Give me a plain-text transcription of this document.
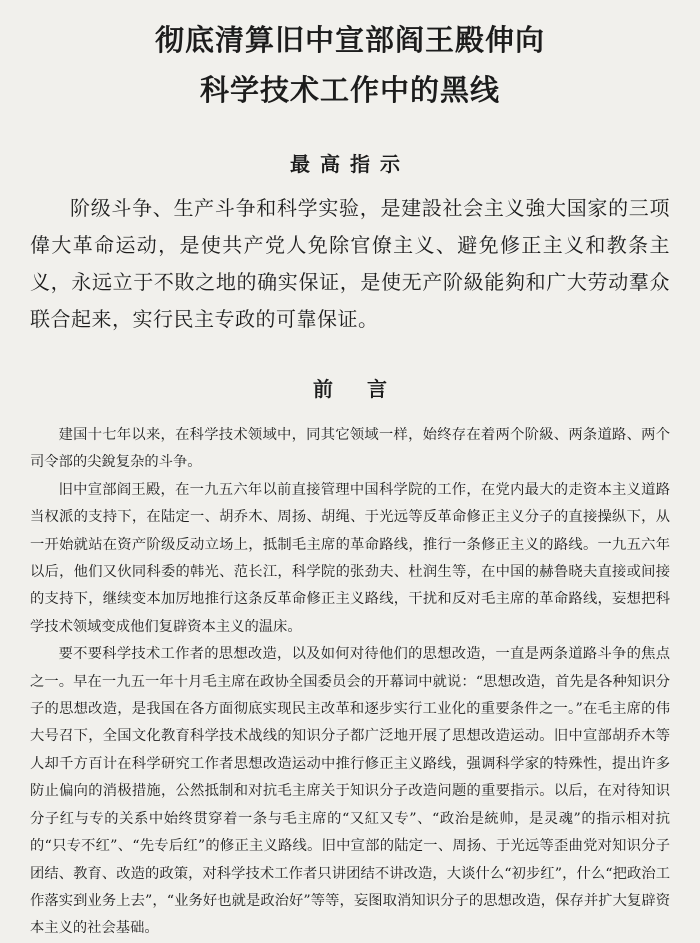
彻底清算旧中宣部阎王殿伸向
科学技术工作中的黑线
最高指示
阶级斗争、生产斗争和科学实验，是建設社会主义強大国家的三项偉大革命运动，是使共产党人免除官僚主义、避免修正主义和教条主义，永远立于不敗之地的确实保证，是使无产阶級能夠和广大劳动羣众联合起来，实行民主专政的可靠保证。
前言

建国十七年以来，在科学技术领域中，同其它领域一样，始终存在着两个阶級、两条道路、两个司令部的尖銳复杂的斗争。

旧中宣部阎王殿，在一九五六年以前直接管理中国科学院的工作，在党内最大的走资本主义道路当权派的支持下，在陆定一、胡乔木、周扬、胡绳、于光远等反革命修正主义分子的直接操纵下，从一开始就站在资产阶级反动立场上，抵制毛主席的革命路线，推行一条修正主义的路线。一九五六年以后，他们又伙同科委的韩光、范长江，科学院的张劲夫、杜润生等，在中国的赫鲁晓夫直接或间接的支持下，继续变本加厉地推行这条反革命修正主义路线，干扰和反对毛主席的革命路线，妄想把科学技术领域变成他们复辟资本主义的温床。

要不要科学技术工作者的思想改造，以及如何对待他们的思想改造，一直是两条道路斗争的焦点之一。早在一九五一年十月毛主席在政协全国委员会的开幕词中就说：“思想改造，首先是各种知识分子的思想改造，是我国在各方面彻底实现民主改革和逐步实行工业化的重要条件之一。”在毛主席的伟大号召下，全国文化教育科学技术战线的知识分子都广泛地开展了思想改造运动。旧中宣部胡乔木等人却千方百计在科学研究工作者思想改造运动中推行修正主义路线，强调科学家的特殊性，提出许多防止偏向的消极措施，公然抵制和对抗毛主席关于知识分子改造问题的重要指示。以后，在对待知识分子红与专的关系中始终贯穿着一条与毛主席的“又紅又专”、“政治是統帅，是灵魂”的指示相对抗的“只专不红”、“先专后红”的修正主义路线。旧中宣部的陆定一、周扬、于光远等歪曲党对知识分子团结、教育、改造的政策，对科学技术工作者只讲团结不讲改造，大谈什么“初步红”，什么“把政治工作落实到业务上去”，“业务好也就是政治好”等等，妄图取消知识分子的思想改造，保存并扩大复辟资本主义的社会基础。
